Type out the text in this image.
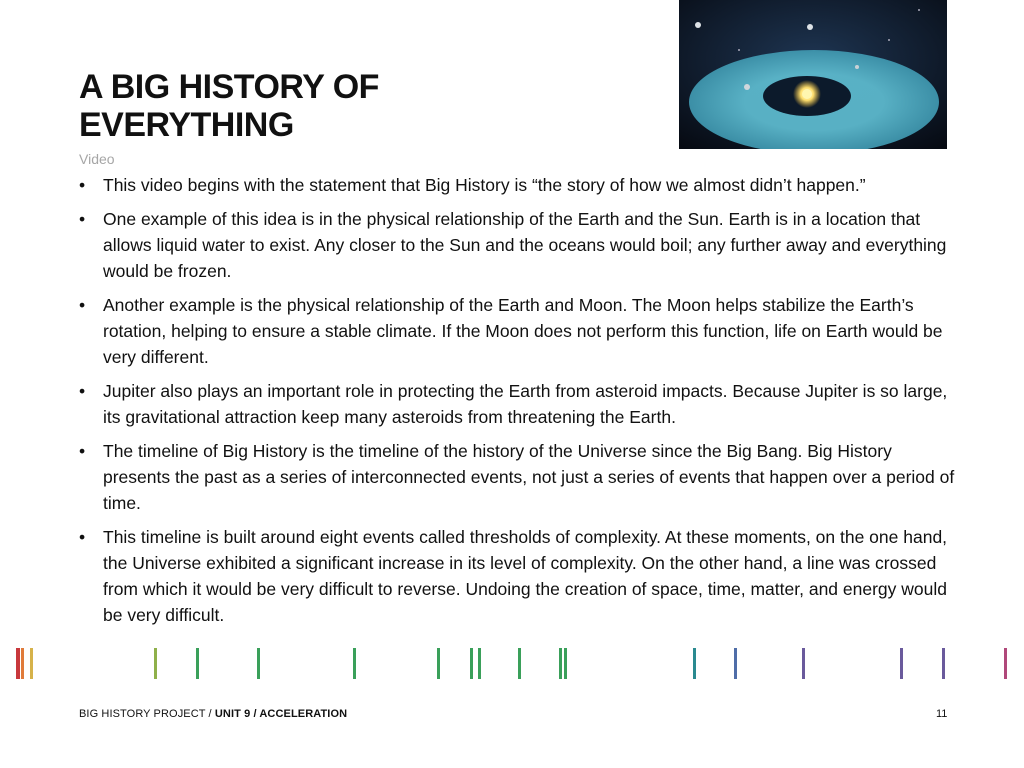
A BIG HISTORY OF
EVERYTHING
Video
• This video begins with the statement that Big History is “the story of how we almost didn’t happen.”
• One example of this idea is in the physical relationship of the Earth and the Sun. Earth is in a location that allows liquid water to exist. Any closer to the Sun and the oceans would boil; any further away and everything would be frozen.
• Another example is the physical relationship of the Earth and Moon. The Moon helps stabilize the Earth’s rotation, helping to ensure a stable climate. If the Moon does not perform this function, life on Earth would be very different.
• Jupiter also plays an important role in protecting the Earth from asteroid impacts. Because Jupiter is so large, its gravitational attraction keep many asteroids from threatening the Earth.
• The timeline of Big History is the timeline of the history of the Universe since the Big Bang. Big History presents the past as a series of interconnected events, not just a series of events that happen over a period of time.
• This timeline is built around eight events called thresholds of complexity. At these moments, on the one hand, the Universe exhibited a significant increase in its level of complexity. On the other hand, a line was crossed from which it would be very difficult to reverse. Undoing the creation of space, time, matter, and energy would be very difficult.
BIG HISTORY PROJECT / UNIT 9 / ACCELERATION	11
